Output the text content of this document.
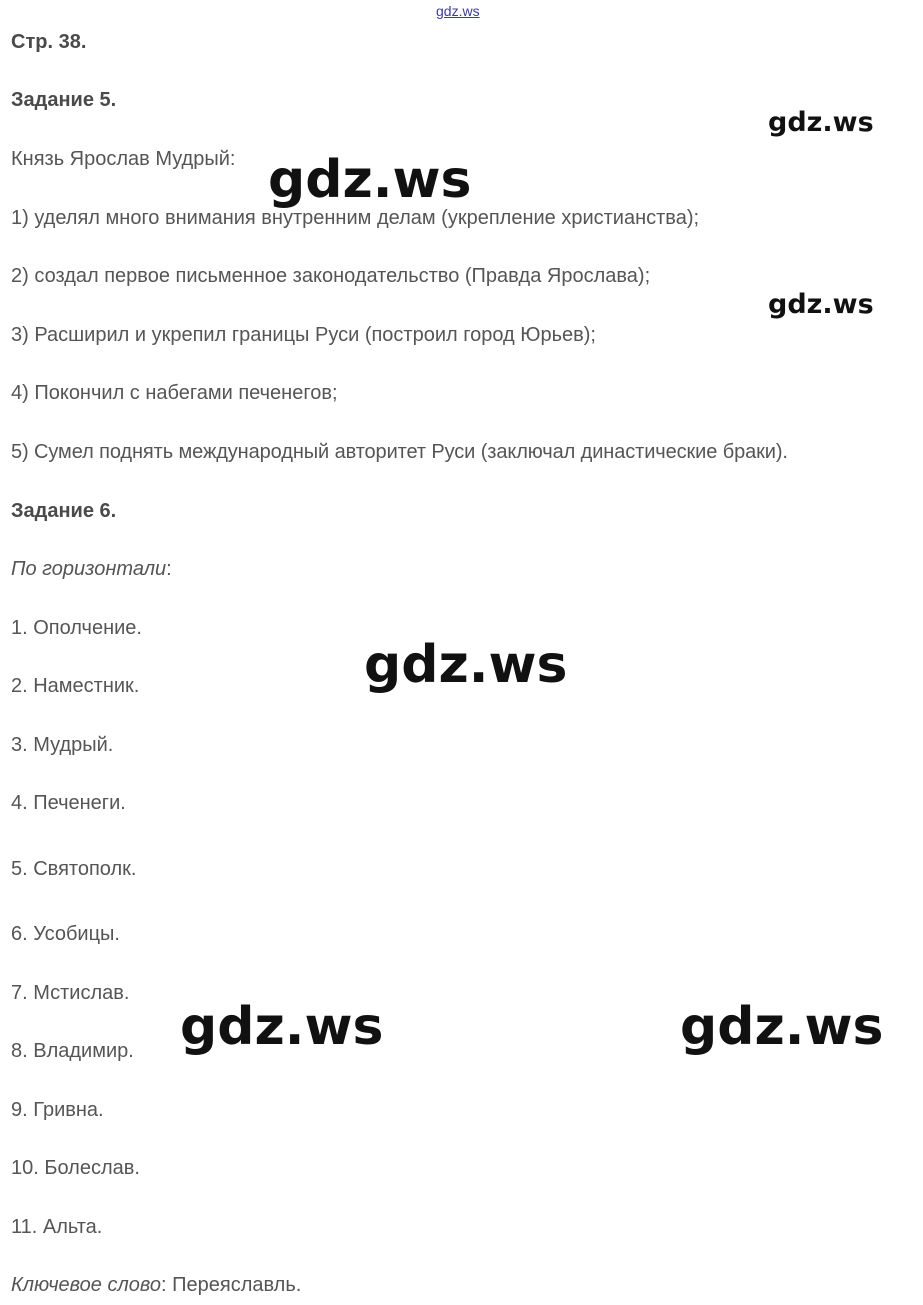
gdz.ws
Стр. 38.
Задание 5.
Князь Ярослав Мудрый:
1) уделял много внимания внутренним делам (укрепление христианства);
2) создал первое письменное законодательство (Правда Ярослава);
3) Расширил и укрепил границы Руси (построил город Юрьев);
4) Покончил с набегами печенегов;
5) Сумел поднять международный авторитет Руси (заключал династические браки).
Задание 6.
По горизонтали:
1. Ополчение.
2. Наместник.
3. Мудрый.
4. Печенеги.
5. Святополк.
6. Усобицы.
7. Мстислав.
8. Владимир.
9. Гривна.
10. Болеслав.
11. Альта.
Ключевое слово: Переяславль.
gdz.ws
gdz.ws
gdz.ws
gdz.ws
gdz.ws	gdz.ws
